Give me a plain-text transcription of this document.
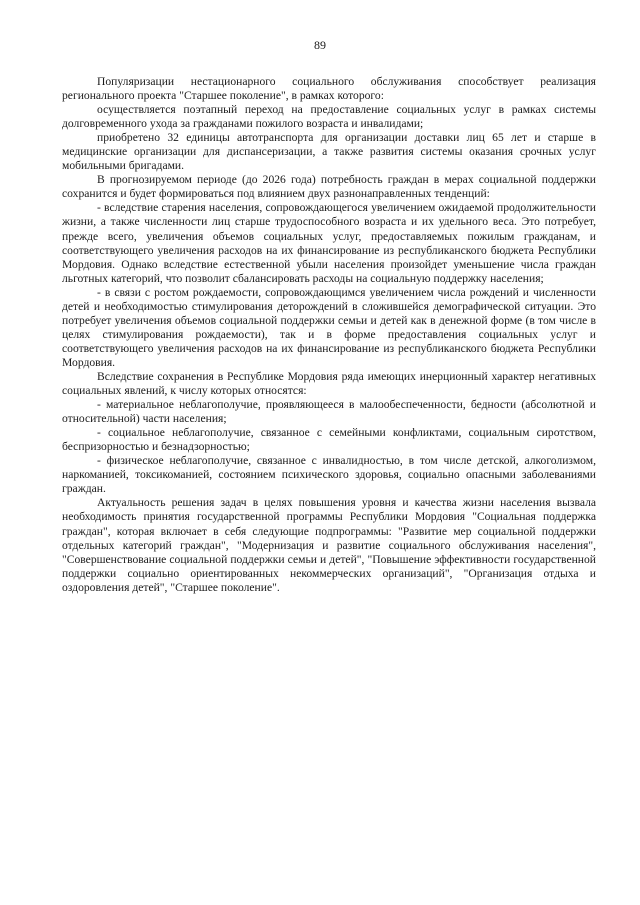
89

Популяризации нестационарного социального обслуживания способствует реализация регионального проекта "Старшее поколение", в рамках которого:

осуществляется поэтапный переход на предоставление социальных услуг в рамках системы долговременного ухода за гражданами пожилого возраста и инвалидами;

приобретено 32 единицы автотранспорта для организации доставки лиц 65 лет и старше в медицинские организации для диспансеризации, а также развития системы оказания срочных услуг мобильными бригадами.

В прогнозируемом периоде (до 2026 года) потребность граждан в мерах социальной поддержки сохранится и будет формироваться под влиянием двух разнонаправленных тенденций:

- вследствие старения населения, сопровождающегося увеличением ожидаемой продолжительности жизни, а также численности лиц старше трудоспособного возраста и их удельного веса. Это потребует, прежде всего, увеличения объемов социальных услуг, предоставляемых пожилым гражданам, и соответствующего увеличения расходов на их финансирование из республиканского бюджета Республики Мордовия. Однако вследствие естественной убыли населения произойдет уменьшение числа граждан льготных категорий, что позволит сбалансировать расходы на социальную поддержку населения;

- в связи с ростом рождаемости, сопровождающимся увеличением числа рождений и численности детей и необходимостью стимулирования деторождений в сложившейся демографической ситуации. Это потребует увеличения объемов социальной поддержки семьи и детей как в денежной форме (в том числе в целях стимулирования рождаемости), так и в форме предоставления социальных услуг и соответствующего увеличения расходов на их финансирование из республиканского бюджета Республики Мордовия.

Вследствие сохранения в Республике Мордовия ряда имеющих инерционный характер негативных социальных явлений, к числу которых относятся:

- материальное неблагополучие, проявляющееся в малообеспеченности, бедности (абсолютной и относительной) части населения;

- социальное неблагополучие, связанное с семейными конфликтами, социальным сиротством, беспризорностью и безнадзорностью;

- физическое неблагополучие, связанное с инвалидностью, в том числе детской, алкоголизмом, наркоманией, токсикоманией, состоянием психического здоровья, социально опасными заболеваниями граждан.

Актуальность решения задач в целях повышения уровня и качества жизни населения вызвала необходимость принятия государственной программы Республики Мордовия "Социальная поддержка граждан", которая включает в себя следующие подпрограммы: "Развитие мер социальной поддержки отдельных категорий граждан", "Модернизация и развитие социального обслуживания населения", "Совершенствование социальной поддержки семьи и детей", "Повышение эффективности государственной поддержки социально ориентированных некоммерческих организаций", "Организация отдыха и оздоровления детей", "Старшее поколение".
